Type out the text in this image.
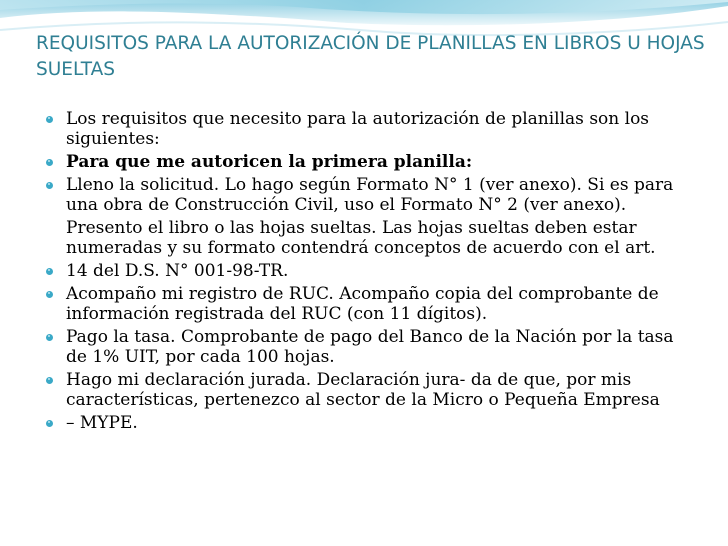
REQUISITOS PARA LA AUTORIZACIÓN DE PLANILLAS EN LIBROS U HOJAS SUELTAS
Los requisitos que necesito para la autorización de planillas son los siguientes:
Para que me autoricen la primera planilla:
Lleno la solicitud. Lo hago según Formato N° 1 (ver anexo). Si es para una obra de Construcción Civil, uso el Formato N° 2 (ver anexo).
Presento el libro o las hojas sueltas. Las hojas sueltas deben estar numeradas y su formato contendrá conceptos de acuerdo con el art.
14 del D.S. N° 001-98-TR.
Acompaño mi registro de RUC. Acompaño copia del comprobante de información registrada del RUC (con 11 dígitos).
Pago la tasa. Comprobante de pago del Banco de la Nación por la tasa de 1% UIT, por cada 100 hojas.
Hago mi declaración jurada. Declaración jura- da de que, por mis características, pertenezco al sector de la Micro o Pequeña Empresa
– MYPE.
